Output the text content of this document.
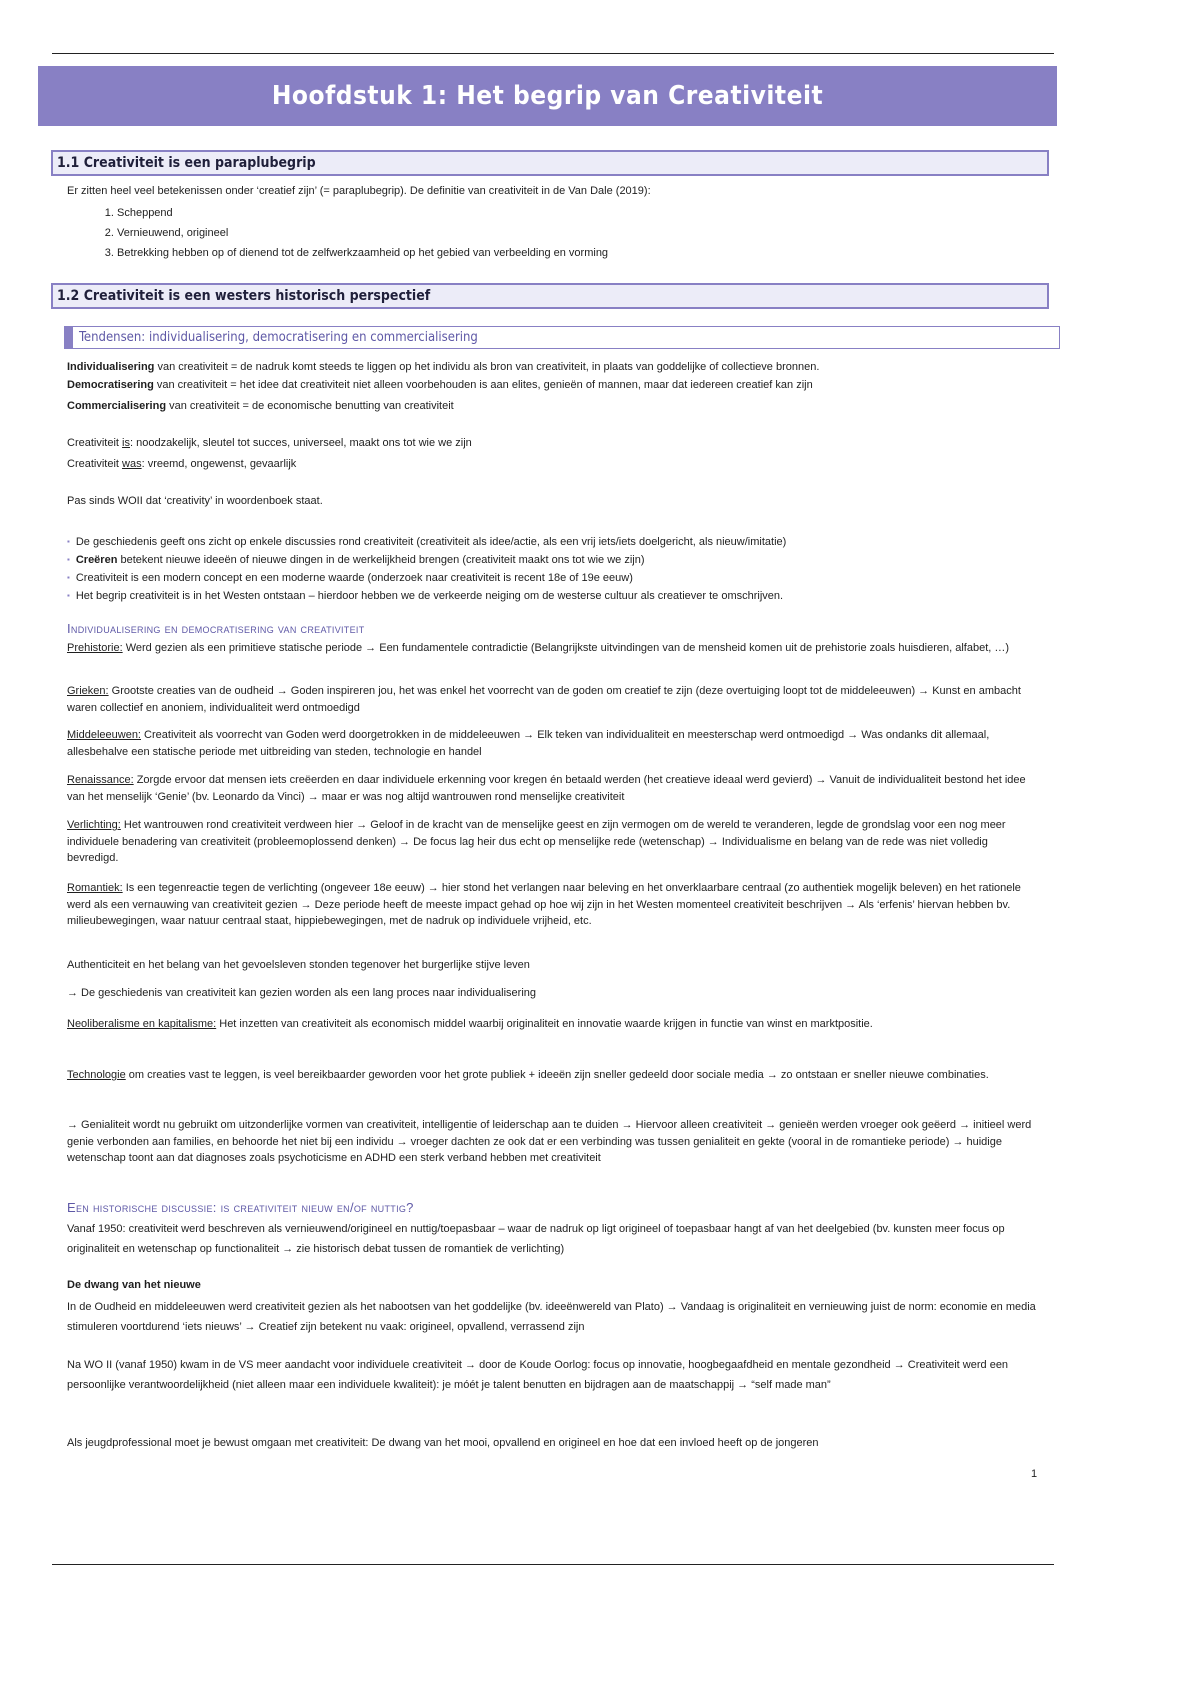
Hoofdstuk 1: Het begrip van Creativiteit
1.1 Creativiteit is een paraplubegrip

Er zitten heel veel betekenissen onder ‘creatief zijn’ (= paraplubegrip). De definitie van creativiteit in de Van Dale (2019):

1. Scheppend
2. Vernieuwend, origineel
3. Betrekking hebben op of dienend tot de zelfwerkzaamheid op het gebied van verbeelding en vorming
1.2 Creativiteit is een westers historisch perspectief
Tendensen: individualisering, democratisering en commercialisering

Individualisering van creativiteit = de nadruk komt steeds te liggen op het individu als bron van creativiteit, in plaats van goddelijke of collectieve bronnen.

Democratisering van creativiteit = het idee dat creativiteit niet alleen voorbehouden is aan elites, genieën of mannen, maar dat iedereen creatief kan zijn

Commercialisering van creativiteit = de economische benutting van creativiteit

Creativiteit is: noodzakelijk, sleutel tot succes, universeel, maakt ons tot wie we zijn

Creativiteit was: vreemd, ongewenst, gevaarlijk

Pas sinds WOII dat ‘creativity’ in woordenboek staat.

▪ De geschiedenis geeft ons zicht op enkele discussies rond creativiteit (creativiteit als idee/actie, als een vrij iets/iets doelgericht, als nieuw/imitatie)
▪ Creëren betekent nieuwe ideeën of nieuwe dingen in de werkelijkheid brengen (creativiteit maakt ons tot wie we zijn)
▪ Creativiteit is een modern concept en een moderne waarde (onderzoek naar creativiteit is recent 18e of 19e eeuw)
▪ Het begrip creativiteit is in het Westen ontstaan – hierdoor hebben we de verkeerde neiging om de westerse cultuur als creatiever te omschrijven.
Individualisering en democratisering van creativiteit

Prehistorie: Werd gezien als een primitieve statische periode → Een fundamentele contradictie (Belangrijkste uitvindingen van de mensheid komen uit de prehistorie zoals huisdieren, alfabet, …)

Grieken: Grootste creaties van de oudheid → Goden inspireren jou, het was enkel het voorrecht van de goden om creatief te zijn (deze overtuiging loopt tot de middeleeuwen) → Kunst en ambacht waren collectief en anoniem, individualiteit werd ontmoedigd

Middeleeuwen: Creativiteit als voorrecht van Goden werd doorgetrokken in de middeleeuwen → Elk teken van individualiteit en meesterschap werd ontmoedigd → Was ondanks dit allemaal, allesbehalve een statische periode met uitbreiding van steden, technologie en handel

Renaissance: Zorgde ervoor dat mensen iets creëerden en daar individuele erkenning voor kregen én betaald werden (het creatieve ideaal werd gevierd) → Vanuit de individualiteit bestond het idee van het menselijk ‘Genie’ (bv. Leonardo da Vinci) → maar er was nog altijd wantrouwen rond menselijke creativiteit

Verlichting: Het wantrouwen rond creativiteit verdween hier → Geloof in de kracht van de menselijke geest en zijn vermogen om de wereld te veranderen, legde de grondslag voor een nog meer individuele benadering van creativiteit (probleemoplossend denken) → De focus lag heir dus echt op menselijke rede (wetenschap) → Individualisme en belang van de rede was niet volledig bevredigd.

Romantiek: Is een tegenreactie tegen de verlichting (ongeveer 18e eeuw) → hier stond het verlangen naar beleving en het onverklaarbare centraal (zo authentiek mogelijk beleven) en het rationele werd als een vernauwing van creativiteit gezien → Deze periode heeft de meeste impact gehad op hoe wij zijn in het Westen momenteel creativiteit beschrijven → Als ‘erfenis’ hiervan hebben bv. milieubewegingen, waar natuur centraal staat, hippiebewegingen, met de nadruk op individuele vrijheid, etc.

Authenticiteit en het belang van het gevoelsleven stonden tegenover het burgerlijke stijve leven

→ De geschiedenis van creativiteit kan gezien worden als een lang proces naar individualisering

Neoliberalisme en kapitalisme: Het inzetten van creativiteit als economisch middel waarbij originaliteit en innovatie waarde krijgen in functie van winst en marktpositie.

Technologie om creaties vast te leggen, is veel bereikbaarder geworden voor het grote publiek + ideeën zijn sneller gedeeld door sociale media → zo ontstaan er sneller nieuwe combinaties.

→ Genialiteit wordt nu gebruikt om uitzonderlijke vormen van creativiteit, intelligentie of leiderschap aan te duiden → Hiervoor alleen creativiteit → genieën werden vroeger ook geëerd → initieel werd genie verbonden aan families, en behoorde het niet bij een individu → vroeger dachten ze ook dat er een verbinding was tussen genialiteit en gekte (vooral in de romantieke periode) → huidige wetenschap toont aan dat diagnoses zoals psychoticisme en ADHD een sterk verband hebben met creativiteit

Een historische discussie: is creativiteit nieuw en/of nuttig?

Vanaf 1950: creativiteit werd beschreven als vernieuwend/origineel en nuttig/toepasbaar – waar de nadruk op ligt origineel of toepasbaar hangt af van het deelgebied (bv. kunsten meer focus op originaliteit en wetenschap op functionaliteit → zie historisch debat tussen de romantiek de verlichting)

De dwang van het nieuwe

In de Oudheid en middeleeuwen werd creativiteit gezien als het nabootsen van het goddelijke (bv. ideeënwereld van Plato) → Vandaag is originaliteit en vernieuwing juist de norm: economie en media stimuleren voortdurend ‘iets nieuws’ → Creatief zijn betekent nu vaak: origineel, opvallend, verrassend zijn

Na WO II (vanaf 1950) kwam in de VS meer aandacht voor individuele creativiteit → door de Koude Oorlog: focus op innovatie, hoogbegaafdheid en mentale gezondheid → Creativiteit werd een persoonlijke verantwoordelijkheid (niet alleen maar een individuele kwaliteit): je móét je talent benutten en bijdragen aan de maatschappij → “self made man”

Als jeugdprofessional moet je bewust omgaan met creativiteit: De dwang van het mooi, opvallend en origineel en hoe dat een invloed heeft op de jongeren

1
